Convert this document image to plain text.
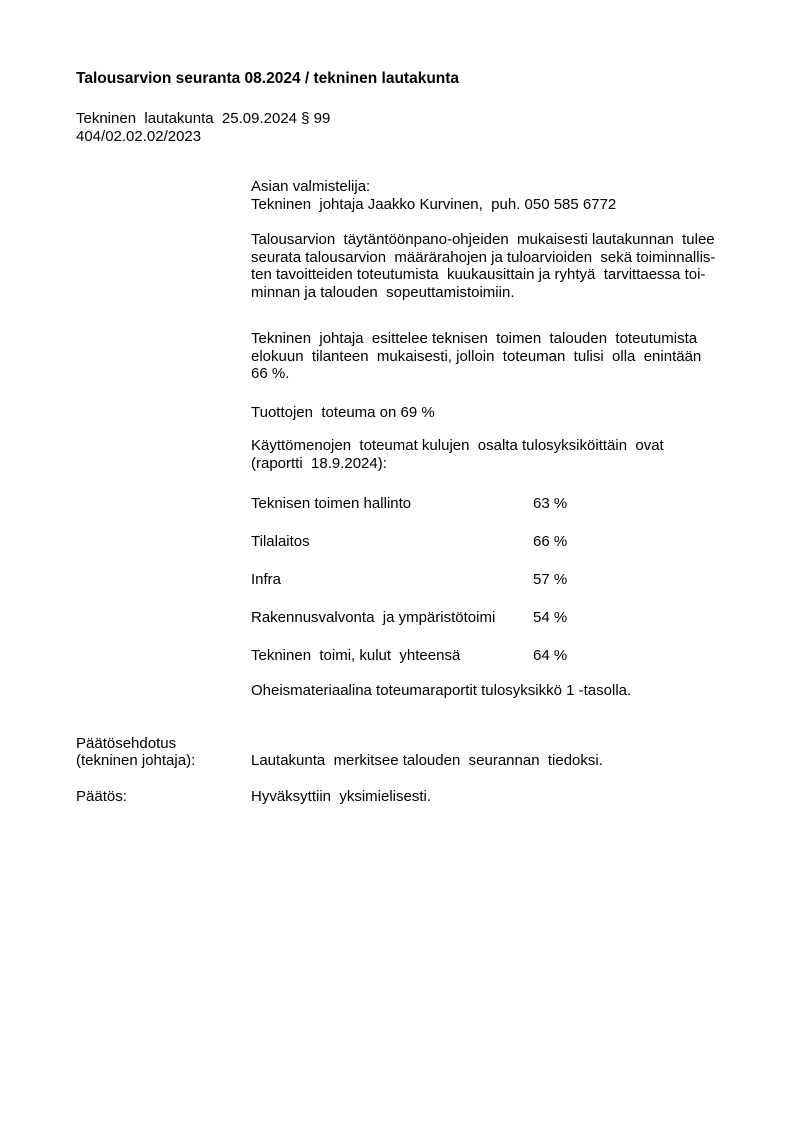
Talousarvion seuranta 08.2024 / tekninen lautakunta
Tekninen  lautakunta  25.09.2024 § 99
404/02.02.02/2023
Asian valmistelija:
Tekninen  johtaja Jaakko Kurvinen,  puh. 050 585 6772
Talousarvion  täytäntöönpano-ohjeiden  mukaisesti lautakunnan  tulee
seurata talousarvion  määrärahojen ja tuloarvioiden  sekä toiminnallis-
ten tavoitteiden toteutumista  kuukausittain ja ryhtyä  tarvittaessa toi-
minnan ja talouden  sopeuttamistoimiin.
Tekninen  johtaja  esittelee teknisen  toimen  talouden  toteutumista
elokuun  tilanteen  mukaisesti, jolloin  toteuman  tulisi  olla  enintään
66 %.
Tuottojen  toteuma on 69 %
Käyttömenojen  toteumat kulujen  osalta tulosyksiköittäin  ovat
(raportti  18.9.2024):
Teknisen toimen hallinto	63 %
Tilalaitos	66 %
Infra	57 %
Rakennusvalvonta  ja ympäristötoimi	54 %
Tekninen  toimi, kulut  yhteensä	64 %
Oheismateriaalina toteumaraportit tulosyksikkö 1 -tasolla.
Päätösehdotus
(tekninen johtaja):	Lautakunta  merkitsee talouden  seurannan  tiedoksi.
Päätös:	Hyväksyttiin  yksimielisesti.
